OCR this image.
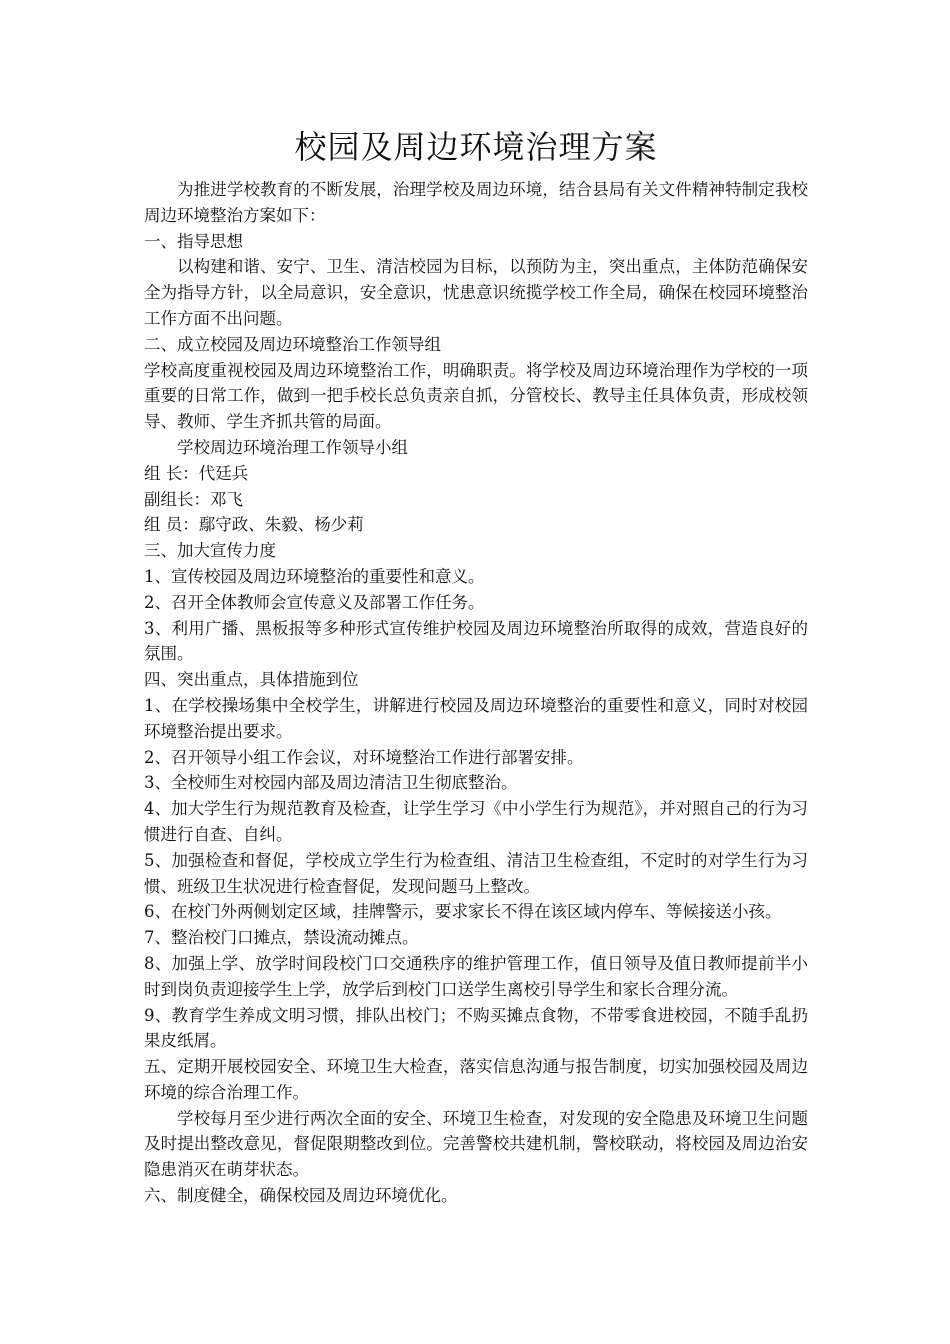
校园及周边环境治理方案

为推进学校教育的不断发展，治理学校及周边环境，结合县局有关文件精神特制定我校周边环境整治方案如下：

一、指导思想

以构建和谐、安宁、卫生、清洁校园为目标，以预防为主，突出重点，主体防范确保安全为指导方针，以全局意识，安全意识，忧患意识统揽学校工作全局，确保在校园环境整治工作方面不出问题。

二、成立校园及周边环境整治工作领导组

学校高度重视校园及周边环境整治工作，明确职责。将学校及周边环境治理作为学校的一项重要的日常工作，做到一把手校长总负责亲自抓，分管校长、教导主任具体负责，形成校领导、教师、学生齐抓共管的局面。

学校周边环境治理工作领导小组

组 长：代廷兵

副组长：邓飞

组 员：鄢守政、朱毅、杨少莉

三、加大宣传力度

1、宣传校园及周边环境整治的重要性和意义。

2、召开全体教师会宣传意义及部署工作任务。

3、利用广播、黑板报等多种形式宣传维护校园及周边环境整治所取得的成效，营造良好的氛围。

四、突出重点，具体措施到位

1、在学校操场集中全校学生，讲解进行校园及周边环境整治的重要性和意义，同时对校园环境整治提出要求。

2、召开领导小组工作会议，对环境整治工作进行部署安排。

3、全校师生对校园内部及周边清洁卫生彻底整治。

4、加大学生行为规范教育及检查，让学生学习《中小学生行为规范》，并对照自己的行为习惯进行自查、自纠。

5、加强检查和督促，学校成立学生行为检查组、清洁卫生检查组，不定时的对学生行为习惯、班级卫生状况进行检查督促，发现问题马上整改。

6、在校门外两侧划定区域，挂牌警示，要求家长不得在该区域内停车、等候接送小孩。

7、整治校门口摊点，禁设流动摊点。

8、加强上学、放学时间段校门口交通秩序的维护管理工作，值日领导及值日教师提前半小时到岗负责迎接学生上学，放学后到校门口送学生离校引导学生和家长合理分流。

9、教育学生养成文明习惯，排队出校门；不购买摊点食物，不带零食进校园，不随手乱扔果皮纸屑。

五、定期开展校园安全、环境卫生大检查，落实信息沟通与报告制度，切实加强校园及周边环境的综合治理工作。

学校每月至少进行两次全面的安全、环境卫生检查，对发现的安全隐患及环境卫生问题及时提出整改意见，督促限期整改到位。完善警校共建机制，警校联动，将校园及周边治安隐患消灭在萌芽状态。

六、制度健全，确保校园及周边环境优化。
